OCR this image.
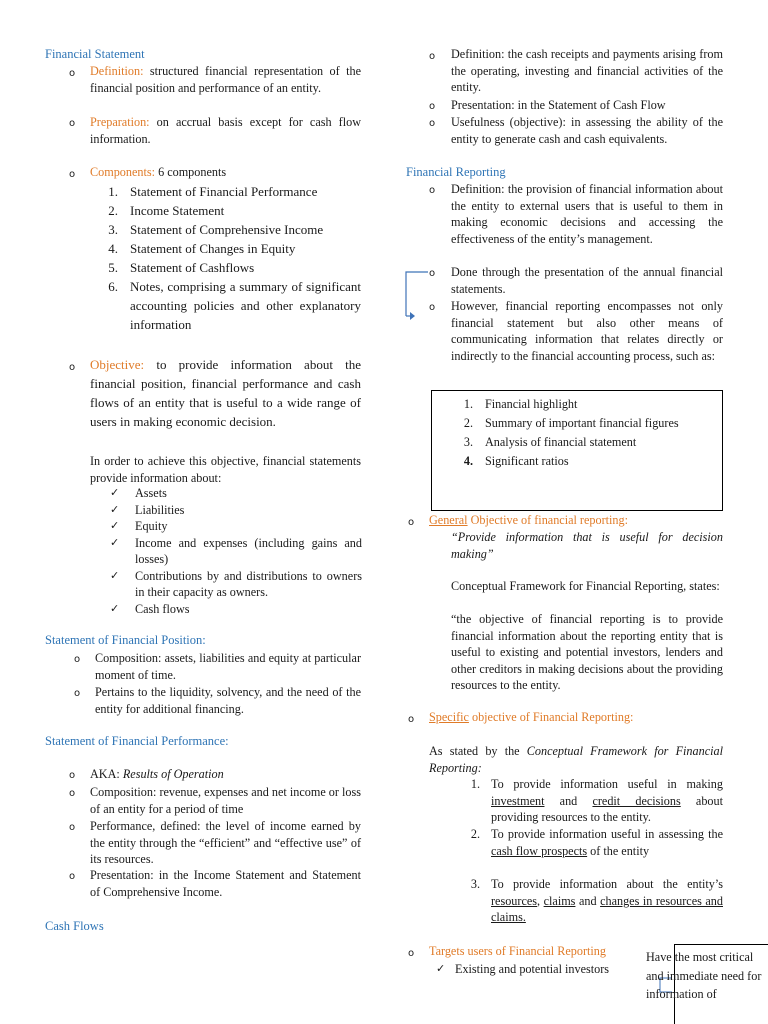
Financial Statement
o Definition: structured financial representation of the financial position and performance of an entity.
o Preparation: on accrual basis except for cash flow information.
o Components: 6 components
1. Statement of Financial Performance
2. Income Statement
3. Statement of Comprehensive Income
4. Statement of Changes in Equity
5. Statement of Cashflows
6. Notes, comprising a summary of significant accounting policies and other explanatory information
o Objective: to provide information about the financial position, financial performance and cash flows of an entity that is useful to a wide range of users in making economic decision.
In order to achieve this objective, financial statements provide information about:
✓ Assets
✓ Liabilities
✓ Equity
✓ Income and expenses (including gains and losses)
✓ Contributions by and distributions to owners in their capacity as owners.
✓ Cash flows
Statement of Financial Position:
o Composition: assets, liabilities and equity at particular moment of time.
o Pertains to the liquidity, solvency, and the need of the entity for additional financing.
Statement of Financial Performance:
o AKA: Results of Operation
o Composition: revenue, expenses and net income or loss of an entity for a period of time
o Performance, defined: the level of income earned by the entity through the “efficient” and “effective use” of its resources.
o Presentation: in the Income Statement and Statement of Comprehensive Income.
Cash Flows
o Definition: the cash receipts and payments arising from the operating, investing and financial activities of the entity.
o Presentation: in the Statement of Cash Flow
o Usefulness (objective): in assessing the ability of the entity to generate cash and cash equivalents.
Financial Reporting
o Definition: the provision of financial information about the entity to external users that is useful to them in making economic decisions and accessing the effectiveness of the entity’s management.
o Done through the presentation of the annual financial statements.
o However, financial reporting encompasses not only financial statement but also other means of communicating information that relates directly or indirectly to the financial accounting process, such as:
1. Financial highlight
2. Summary of important financial figures
3. Analysis of financial statement
4. Significant ratios
o General Objective of financial reporting:
“Provide information that is useful for decision making”
Conceptual Framework for Financial Reporting, states:
“the objective of financial reporting is to provide financial information about the reporting entity that is useful to existing and potential investors, lenders and other creditors in making decisions about the providing resources to the entity.
o Specific objective of Financial Reporting:
As stated by the Conceptual Framework for Financial Reporting:
1. To provide information useful in making investment and credit decisions about providing resources to the entity.
2. To provide information useful in assessing the cash flow prospects of the entity
3. To provide information about the entity’s resources, claims and changes in resources and claims.
o Targets users of Financial Reporting
✓ Existing and potential investors
Have the most critical and immediate need for information of
